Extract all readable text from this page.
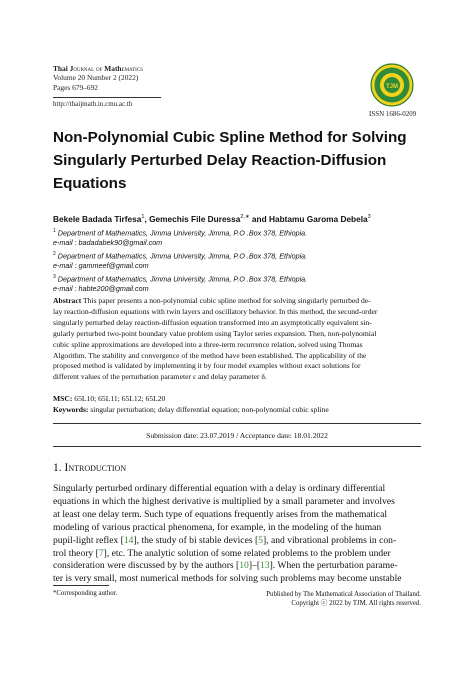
Thai Journal of Mathematics
Volume 20 Number 2 (2022)
Pages 679–692
http://thaijmath.in.cmu.ac.th
TJM
ISSN 1686-0209
Non-Polynomial Cubic Spline Method for Solving
Singularly Perturbed Delay Reaction-Diffusion
Equations
Bekele Badada Tirfesa$^1$, Gemechis File Duressa$^{2,∗}$ and Habtamu Garoma Debela$^3$
$^1$ Department of Mathematics, Jimma University, Jimma, P.O .Box 378, Ethiopia.
e-mail : badadabek90@gmail.com
$^2$ Department of Mathematics, Jimma University, Jimma, P.O .Box 378, Ethiopia.
e-mail : gammeef@gmail.com
$^3$ Department of Mathematics, Jimma University, Jimma, P.O .Box 378, Ethiopia.
e-mail : habte200@gmail.com
Abstract This paper presents a non-polynomial cubic spline method for solving singularly perturbed de-
lay reaction-diffusion equations with twin layers and oscillatory behavior. In this method, the second-order
singularly perturbed delay reaction-diffusion equation transformed into an asymptotically equivalent sin-
gularly perturbed two-point boundary value problem using Taylor series expansion. Then, non-polynomial
cubic spline approximations are developed into a three-term recurrence relation, solved using Thomas
Algorithm. The stability and convergence of the method have been established. The applicability of the
proposed method is validated by implementing it by four model examples without exact solutions for
different values of the perturbation parameter ε and delay parameter δ.
MSC: 65L10; 65L11; 65L12; 65L20
Keywords: singular perturbation; delay differential equation; non-polynomial cubic spline
Submission date: 23.07.2019 / Acceptance date: 18.01.2022
1. Introduction
Singularly perturbed ordinary differential equation with a delay is ordinary differential
equations in which the highest derivative is multiplied by a small parameter and involves
at least one delay term. Such type of equations frequently arises from the mathematical
modeling of various practical phenomena, for example, in the modeling of the human
pupil-light reflex [14], the study of bi stable devices [5], and vibrational problems in con-
trol theory [7], etc. The analytic solution of some related problems to the problem under
consideration were discussed by by the authors [10]–[13]. When the perturbation parame-
ter is very small, most numerical methods for solving such problems may become unstable
*Corresponding author.	Published by The Mathematical Association of Thailand.
Copyright ⓒ 2022 by TJM. All rights reserved.
